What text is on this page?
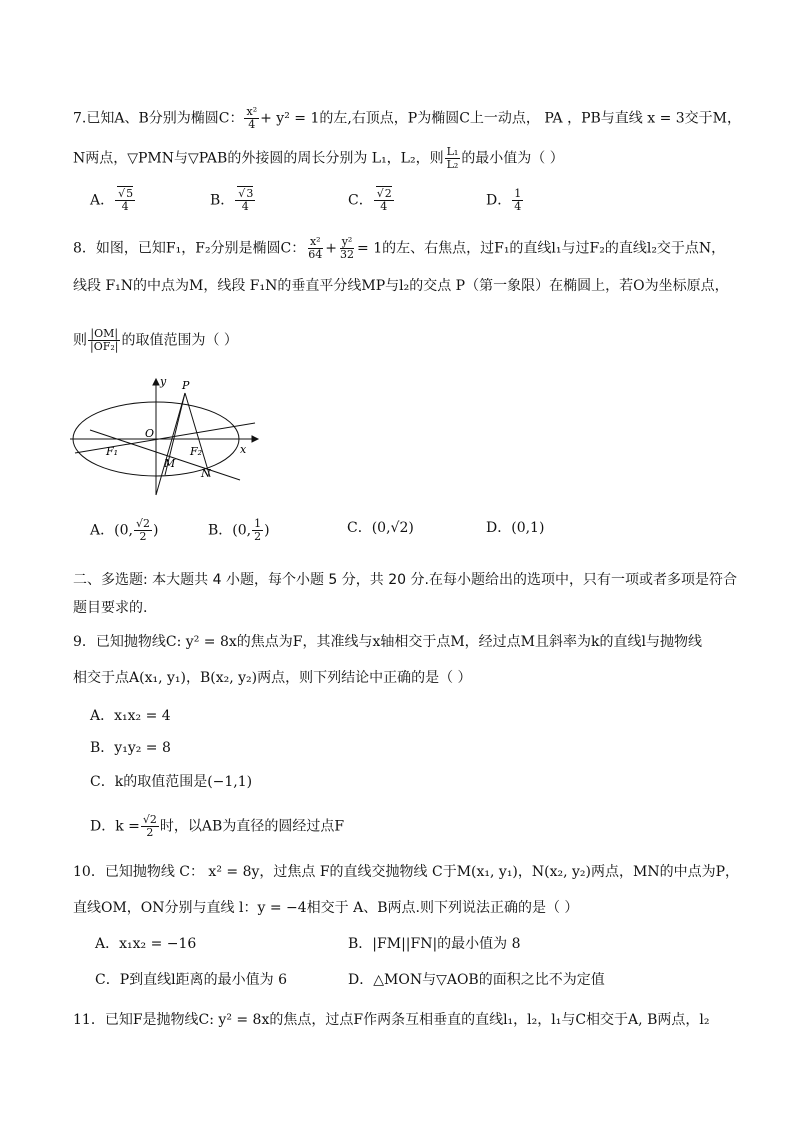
7.已知A、B分别为椭圆C： $\frac{\text{x²}}{4} + y^2 = 1$的左,右顶点，P为椭圆C上一动点， PA ，PB与直线 x = 3交于M，
N两点，▽PMN与▽PAB的外接圆的周长分别为 L₁，L₂，则 $\frac{\text{L₁}}{\text{L₂}}$ 的最小值为（ ）
A． √ $\frac{5}{4}$	B． √ $\frac{3}{4}$	C． √ $\frac{2}{4}$	D． $\frac{1}{4}$
8．如图，已知F₁，F₂分别是椭圆C： $\frac{\text{x²}}{64} + \frac{\text{y²}}{32} = 1$的左、右焦点，过F₁的直线l₁与过F₂的直线l₂交于点N，
线段 F₁N的中点为M，线段 F₁N的垂直平分线MP与l₂的交点 P（第一象限）在椭圆上，若O为坐标原点，
则 $\frac{|OM|}{\text{|OF₂|}}$ 的取值范围为（ ）
y
x
O
P
F₁	F₂
M
N
A．(0, $\frac{√2}{2}$ )	B．(0, $\frac{1}{2}$ )	C．(0,√2)	D．(0,1)
二、多选题: 本大题共 4 小题，每个小题 5 分，共 20 分.在每小题给出的选项中，只有一项或者多项是符合
题目要求的.
9．已知抛物线C: y² = 8x的焦点为F，其准线与x轴相交于点M，经过点M且斜率为k的直线l与抛物线
相交于点A(x₁, y₁)，B(x₂, y₂)两点，则下列结论中正确的是（ ）
A．x₁x₂ = 4
B．y₁y₂ = 8
C．k的取值范围是(−1,1)
D．$k = \frac{√2}{2}$ 时，以AB为直径的圆经过点F
10．已知抛物线 C： x² = 8y，过焦点 F的直线交抛物线 C于M(x₁, y₁)，N(x₂, y₂)两点，MN的中点为P，
直线OM，ON分别与直线 l：y = −4相交于 A、B两点.则下列说法正确的是（ ）
A．x₁x₂ = −16	B．|FM||FN|的最小值为 8
C．P到直线l距离的最小值为 6	D．△MON与▽AOB的面积之比不为定值
11．已知F是抛物线C: y² = 8x的焦点，过点F作两条互相垂直的直线l₁，l₂，l₁与C相交于A, B两点，l₂
